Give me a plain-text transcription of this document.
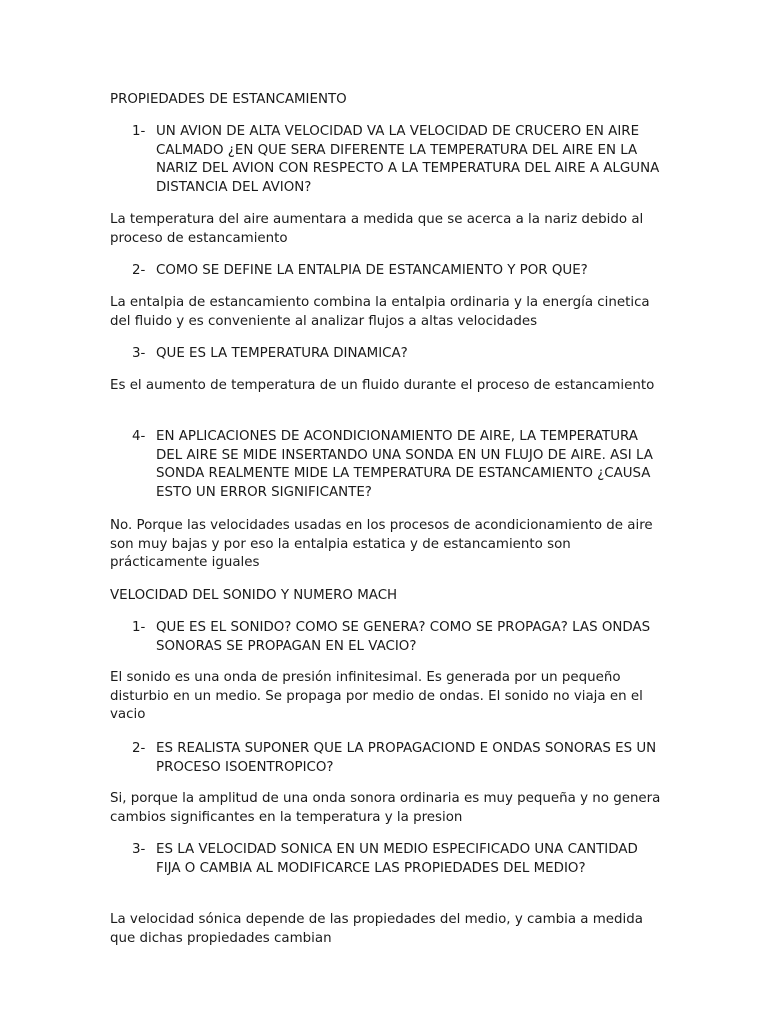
PROPIEDADES DE ESTANCAMIENTO

1- UN AVION DE ALTA VELOCIDAD VA LA VELOCIDAD DE CRUCERO EN AIRE CALMADO ¿EN QUE SERA DIFERENTE LA TEMPERATURA DEL AIRE EN LA NARIZ DEL AVION CON RESPECTO A LA TEMPERATURA DEL AIRE A ALGUNA DISTANCIA DEL AVION?

La temperatura del aire aumentara a medida que se acerca a la nariz debido al proceso de estancamiento

2- COMO SE DEFINE LA ENTALPIA DE ESTANCAMIENTO Y POR QUE?

La entalpia de estancamiento combina la entalpia ordinaria y la energía cinetica del fluido y es conveniente al analizar flujos a altas velocidades

3- QUE ES LA TEMPERATURA DINAMICA?

Es el aumento de temperatura de un fluido durante el proceso de estancamiento

4- EN APLICACIONES DE ACONDICIONAMIENTO DE AIRE, LA TEMPERATURA DEL AIRE SE MIDE INSERTANDO UNA SONDA EN UN FLUJO DE AIRE. ASI LA SONDA REALMENTE MIDE LA TEMPERATURA DE ESTANCAMIENTO ¿CAUSA ESTO UN ERROR SIGNIFICANTE?

No. Porque las velocidades usadas en los procesos de acondicionamiento de aire son muy bajas y por eso la entalpia estatica y de estancamiento son prácticamente iguales

VELOCIDAD DEL SONIDO Y NUMERO MACH

1- QUE ES EL SONIDO? COMO SE GENERA? COMO SE PROPAGA? LAS ONDAS SONORAS SE PROPAGAN EN EL VACIO?

El sonido es una onda de presión infinitesimal. Es generada por un pequeño disturbio en un medio. Se propaga por medio de ondas. El sonido no viaja en el vacio

2- ES REALISTA SUPONER QUE LA PROPAGACIOND E ONDAS SONORAS ES UN PROCESO ISOENTROPICO?

Si, porque la amplitud de una onda sonora ordinaria es muy pequeña y no genera cambios significantes en la temperatura y la presion

3- ES LA VELOCIDAD SONICA EN UN MEDIO ESPECIFICADO UNA CANTIDAD FIJA O CAMBIA AL MODIFICARCE LAS PROPIEDADES DEL MEDIO?

La velocidad sónica depende de las propiedades del medio, y cambia a medida que dichas propiedades cambian
